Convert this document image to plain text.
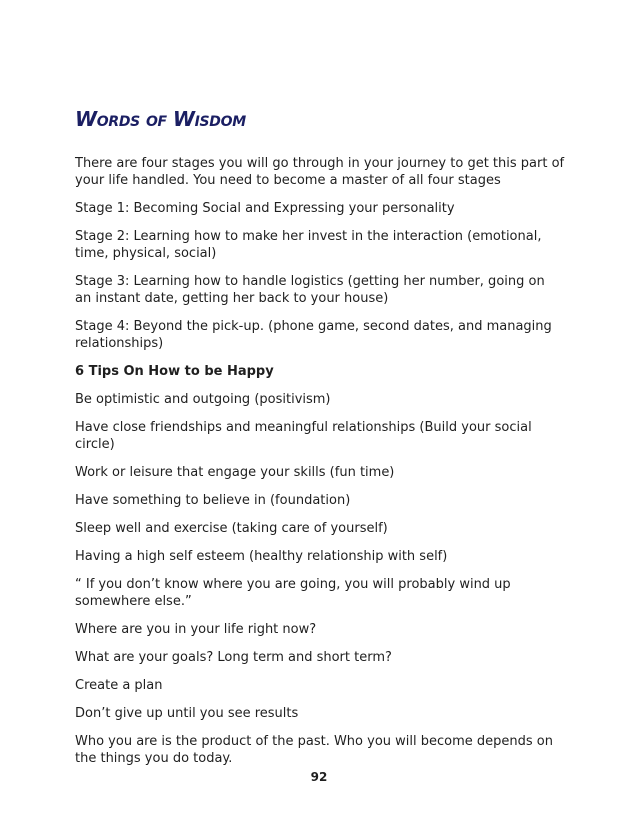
WORDS OF WISDOM

There are four stages you will go through in your journey to get this part of your life handled. You need to become a master of all four stages

Stage 1: Becoming Social and Expressing your personality

Stage 2: Learning how to make her invest in the interaction (emotional, time, physical, social)

Stage 3: Learning how to handle logistics (getting her number, going on an instant date, getting her back to your house)

Stage 4: Beyond the pick-up. (phone game, second dates, and managing relationships)

6 Tips On How to be Happy

Be optimistic and outgoing (positivism)

Have close friendships and meaningful relationships (Build your social circle)

Work or leisure that engage your skills (fun time)

Have something to believe in (foundation)

Sleep well and exercise (taking care of yourself)

Having a high self esteem (healthy relationship with self)

“ If you don’t know where you are going, you will probably wind up somewhere else.”

Where are you in your life right now?

What are your goals? Long term and short term?

Create a plan

Don’t give up until you see results

Who you are is the product of the past. Who you will become depends on the things you do today.

92
